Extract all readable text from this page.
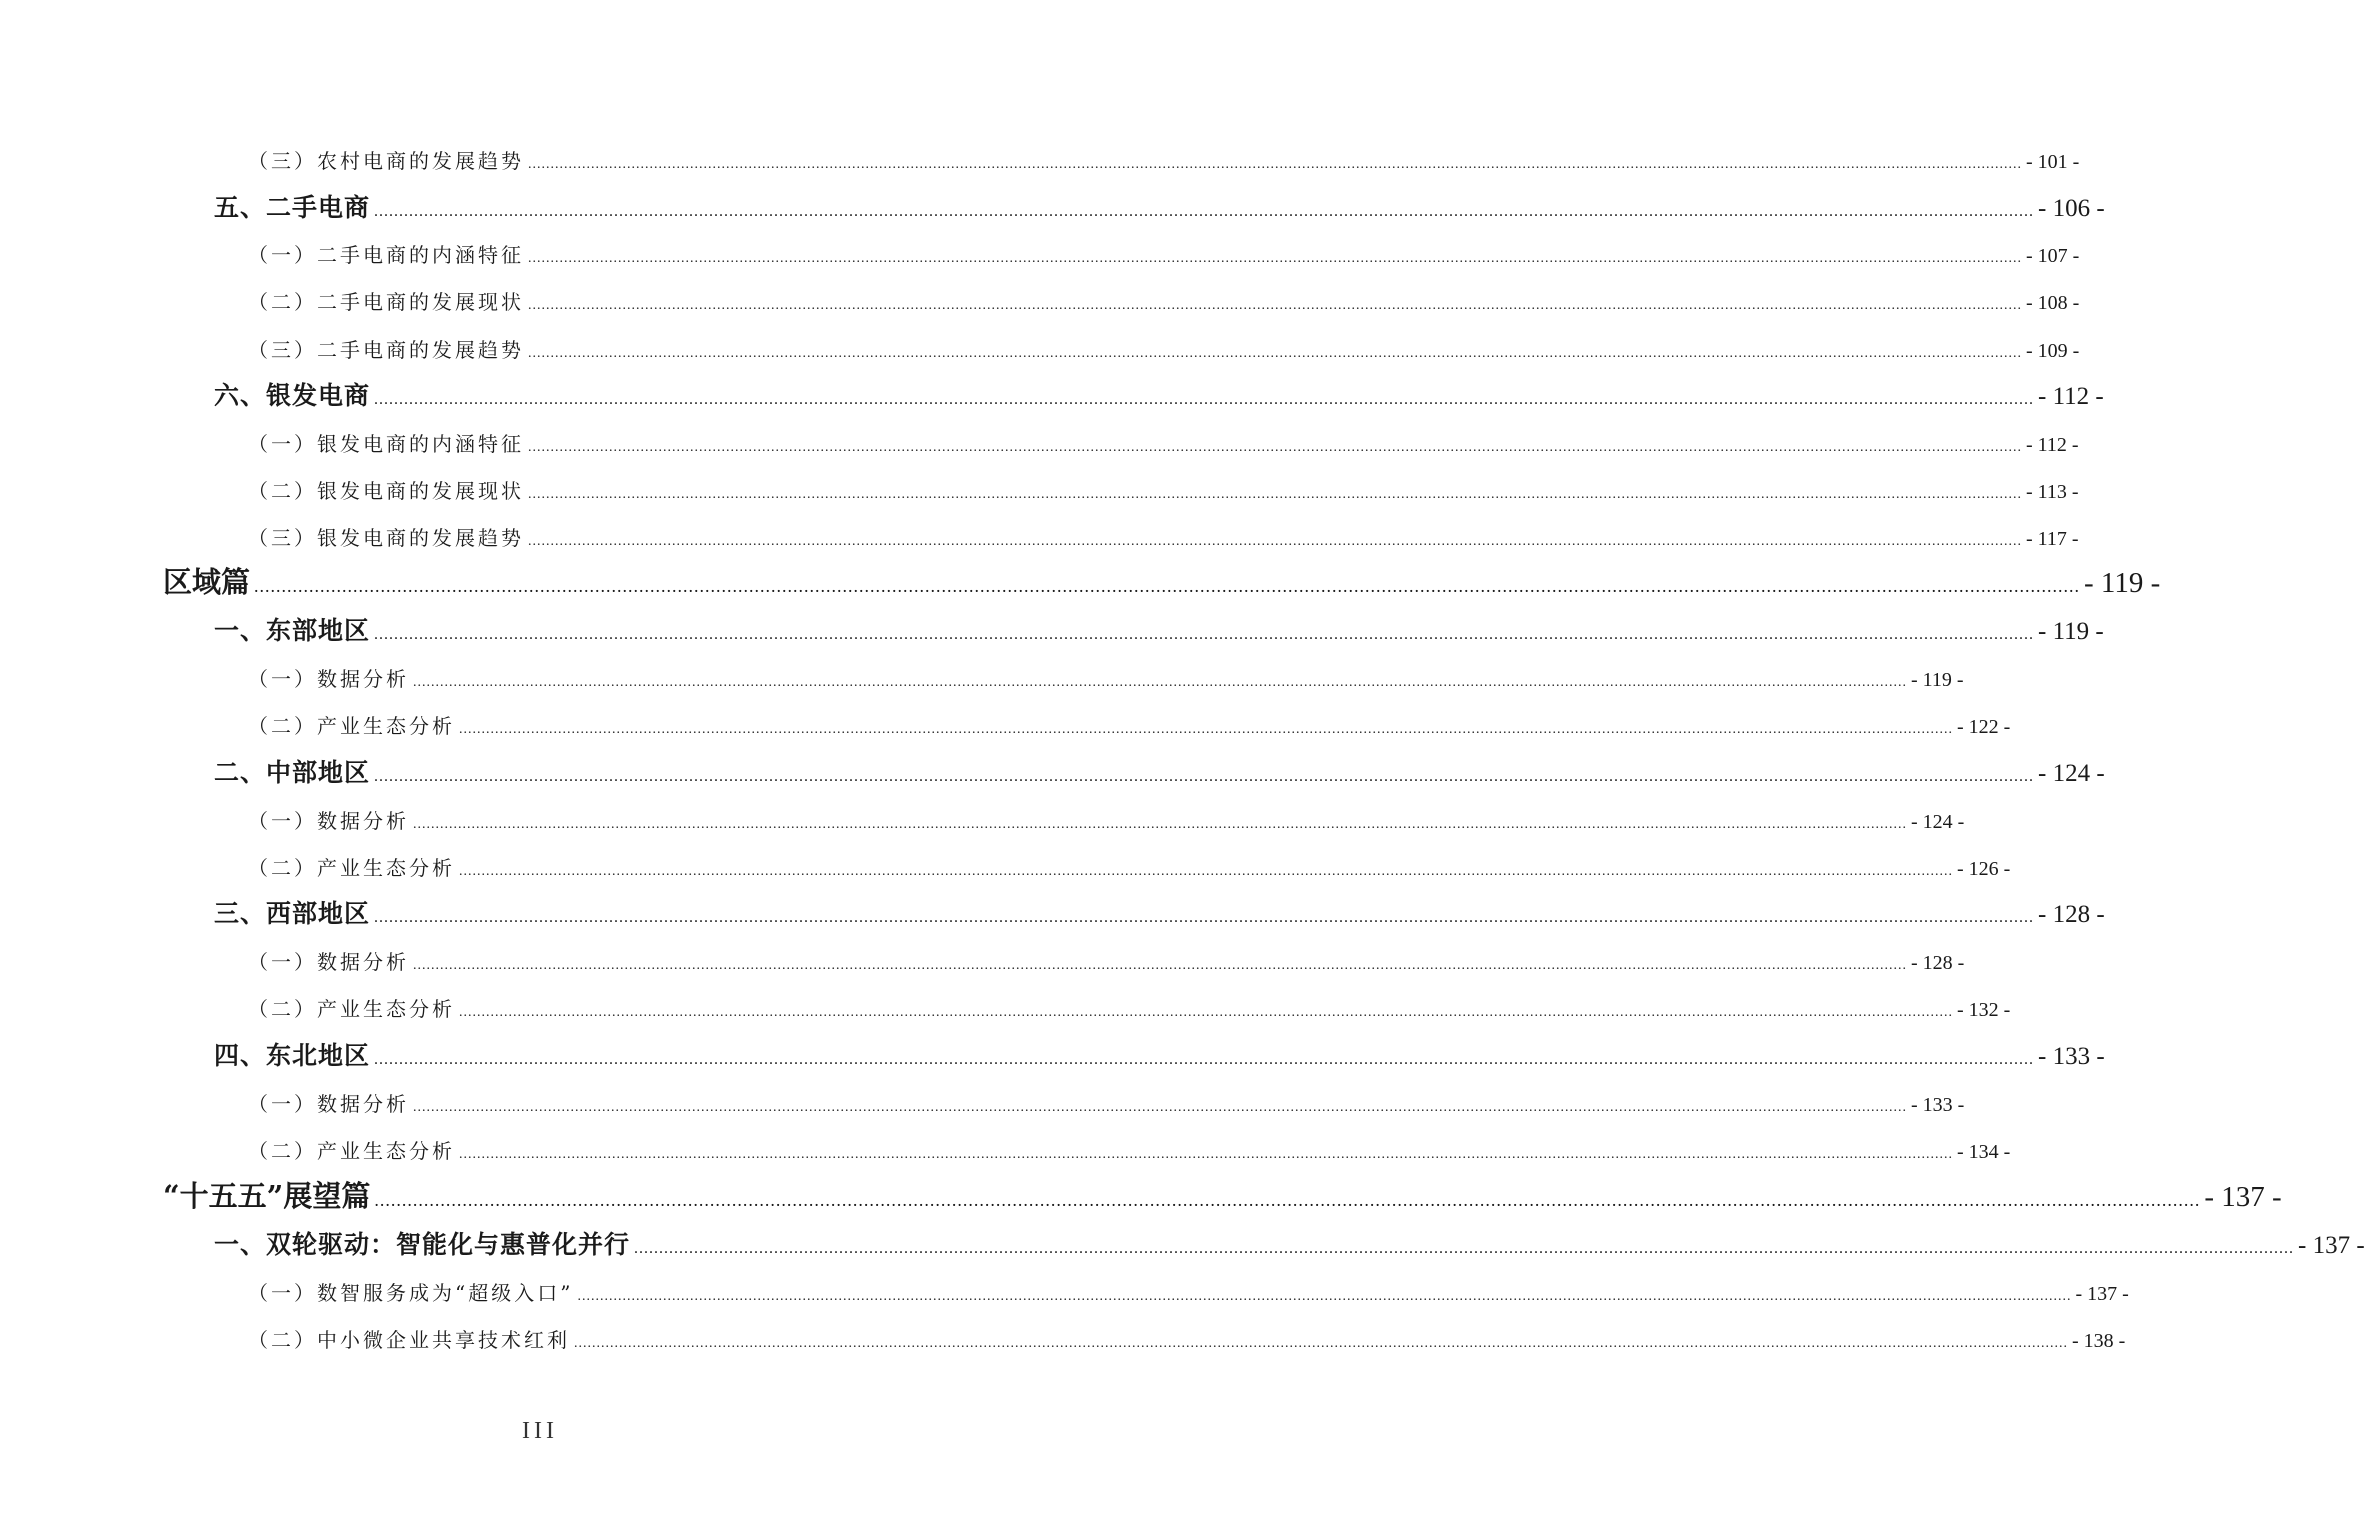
（三）农村电商的发展趋势 ............................................................................................................................................................................................................................................................................................................................................ - 101 -
五、二手电商 ............................................................................................................................................................................................................................................................................................................................................ - 106 -
（一）二手电商的内涵特征 ............................................................................................................................................................................................................................................................................................................................................ - 107 -
（二）二手电商的发展现状 ............................................................................................................................................................................................................................................................................................................................................ - 108 -
（三）二手电商的发展趋势 ............................................................................................................................................................................................................................................................................................................................................ - 109 -
六、银发电商 ............................................................................................................................................................................................................................................................................................................................................ - 112 -
（一）银发电商的内涵特征 ............................................................................................................................................................................................................................................................................................................................................ - 112 -
（二）银发电商的发展现状 ............................................................................................................................................................................................................................................................................................................................................ - 113 -
（三）银发电商的发展趋势 ............................................................................................................................................................................................................................................................................................................................................ - 117 -
区域篇 ............................................................................................................................................................................................................................................................................................................................................ - 119 -
一、东部地区 ............................................................................................................................................................................................................................................................................................................................................ - 119 -
（一）数据分析 ............................................................................................................................................................................................................................................................................................................................................ - 119 -
（二）产业生态分析 ............................................................................................................................................................................................................................................................................................................................................ - 122 -
二、中部地区 ............................................................................................................................................................................................................................................................................................................................................ - 124 -
（一）数据分析 ............................................................................................................................................................................................................................................................................................................................................ - 124 -
（二）产业生态分析 ............................................................................................................................................................................................................................................................................................................................................ - 126 -
三、西部地区 ............................................................................................................................................................................................................................................................................................................................................ - 128 -
（一）数据分析 ............................................................................................................................................................................................................................................................................................................................................ - 128 -
（二）产业生态分析 ............................................................................................................................................................................................................................................................................................................................................ - 132 -
四、东北地区 ............................................................................................................................................................................................................................................................................................................................................ - 133 -
（一）数据分析 ............................................................................................................................................................................................................................................................................................................................................ - 133 -
（二）产业生态分析 ............................................................................................................................................................................................................................................................................................................................................ - 134 -
“十五五”展望篇 ............................................................................................................................................................................................................................................................................................................................................ - 137 -
一、双轮驱动：智能化与惠普化并行 ............................................................................................................................................................................................................................................................................................................................................ - 137 -
（一）数智服务成为“超级入口” ............................................................................................................................................................................................................................................................................................................................................ - 137 -
（二）中小微企业共享技术红利 ............................................................................................................................................................................................................................................................................................................................................ - 138 -
III
